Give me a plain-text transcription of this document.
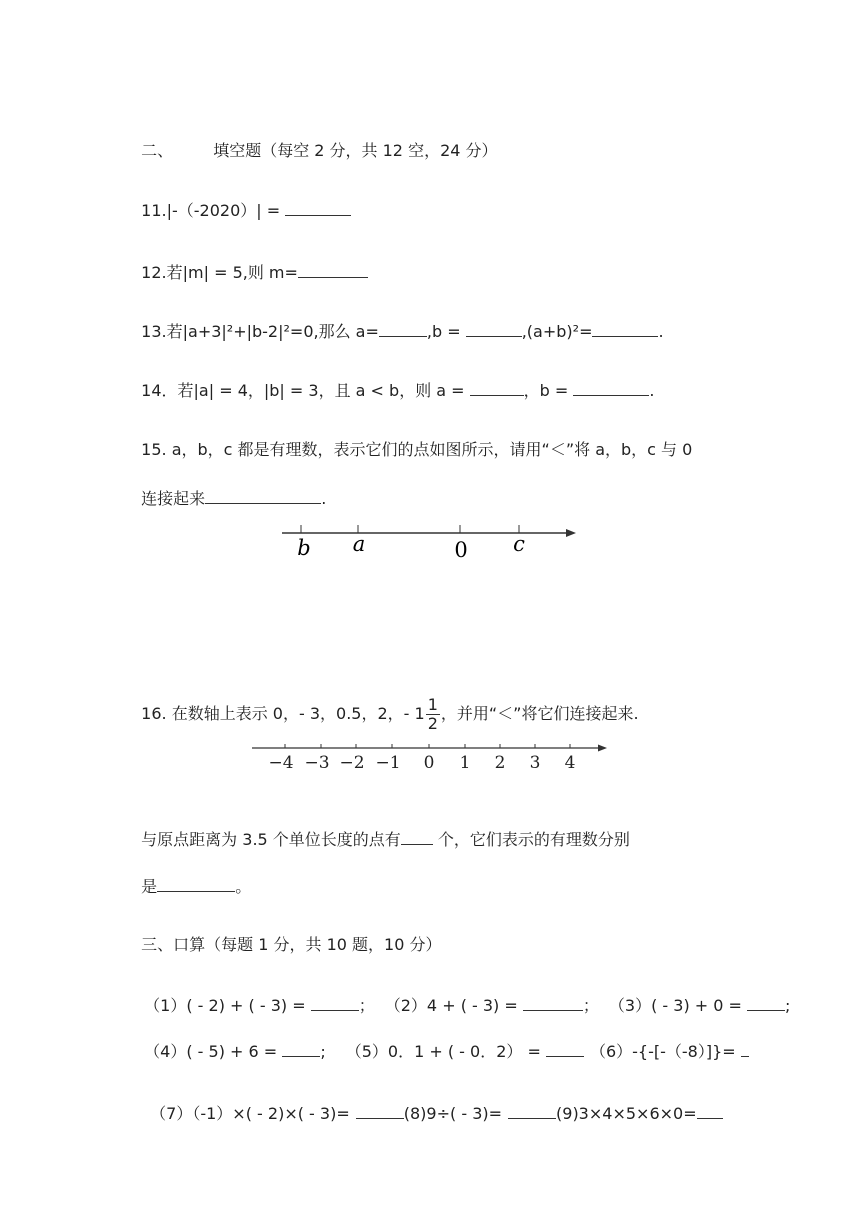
二、	填空题（每空 2 分，共 12 空，24 分）

11.|-（-2020）| =

12.若|m| = 5,则 m=

13.若|a+3|²+|b-2|²=0,那么 a=	,b =	,(a+b)²=	.

14．若|a| = 4，|b| = 3，且 a < b，则 a =	，b =	.

15. a，b，c 都是有理数，表示它们的点如图所示，请用“＜”将 a，b，c 与 0

连接起来	.

b a	0 c

16. 在数轴上表示 0，- 3，0.5，2，- $1 \frac{1}{2}$ ，并用“＜”将它们连接起来.

−4 −3 −2 −1 0 1 2 3 4

与原点距离为 3.5 个单位长度的点有 个，它们表示的有理数分别

是	。

三、口算（每题 1 分，共 10 题，10 分）

（1）( - 2) + ( - 3) =	； （2）4 + ( - 3) =	； （3）( - 3) + 0 = ;

（4）( - 5) + 6 = ; （5）0．1 + ( - 0．2） =	（6）-{-[-（-8）]}=

（7）（-1）×( - 2)×( - 3)=	(8)9÷( - 3)=	(9)3×4×5×6×0=
